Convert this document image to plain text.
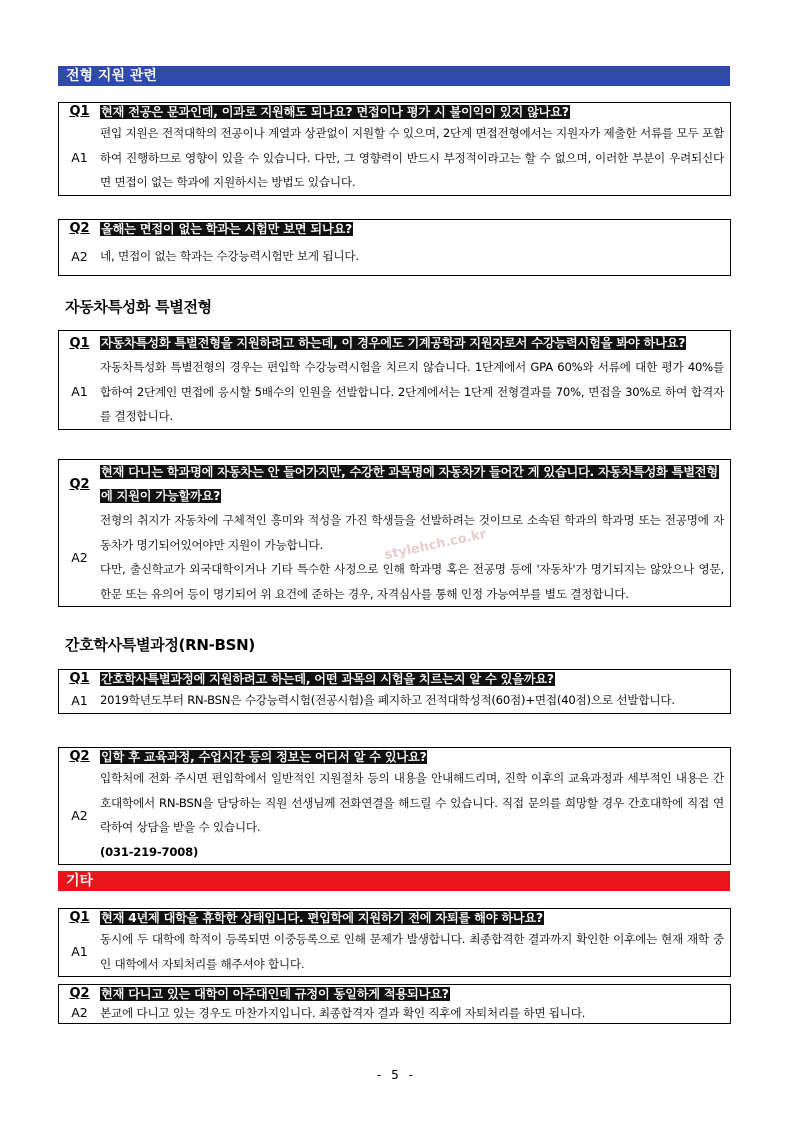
전형 지원 관련
Q1 현재 전공은 문과인데, 이과로 지원해도 되나요? 면접이나 평가 시 불이익이 있지 않나요?
A1
편입 지원은 전적대학의 전공이나 계열과 상관없이 지원할 수 있으며, 2단계 면접전형에서는 지원자가 제출한 서류를 모두 포함하여 진행하므로 영향이 있을 수 있습니다. 다만, 그 영향력이 반드시 부정적이라고는 할 수 없으며, 이러한 부분이 우려되신다면 면접이 없는 학과에 지원하시는 방법도 있습니다.
Q2 올해는 면접이 없는 학과는 시험만 보면 되나요?
A2	네, 면접이 없는 학과는 수강능력시험만 보게 됩니다.
자동차특성화 특별전형
Q1 자동차특성화 특별전형을 지원하려고 하는데, 이 경우에도 기계공학과 지원자로서 수강능력시험을 봐야 하나요?
A1
자동차특성화 특별전형의 경우는 편입학 수강능력시험을 치르지 않습니다. 1단계에서 GPA 60%와 서류에 대한 평가 40%를 합하여 2단계인 면접에 응시할 5배수의 인원을 선발합니다. 2단계에서는 1단계 전형결과를 70%, 면접을 30%로 하여 합격자를 결정합니다.
Q2
현재 다니는 학과명에 자동차는 안 들어가지만, 수강한 과목명에 자동차가 들어간 게 있습니다. 자동차특성화 특별전형에 지원이 가능할까요?
A2
전형의 취지가 자동차에 구체적인 흥미와 적성을 가진 학생들을 선발하려는 것이므로 소속된 학과의 학과명 또는 전공명에 자동차가 명기되어있어야만 지원이 가능합니다.
다만, 출신학교가 외국대학이거나 기타 특수한 사정으로 인해 학과명 혹은 전공명 등에 '자동차'가 명기되지는 않았으나 영문, 한문 또는 유의어 등이 명기되어 위 요건에 준하는 경우, 자격심사를 통해 인정 가능여부를 별도 결정합니다.
간호학사특별과정(RN-BSN)
Q1 간호학사특별과정에 지원하려고 하는데, 어떤 과목의 시험을 치르는지 알 수 있을까요?
A1	2019학년도부터 RN-BSN은 수강능력시험(전공시험)을 폐지하고 전적대학성적(60점)+면접(40점)으로 선발합니다.
Q2 입학 후 교육과정, 수업시간 등의 정보는 어디서 알 수 있나요?
A2
입학처에 전화 주시면 편입학에서 일반적인 지원절차 등의 내용을 안내해드리며, 진학 이후의 교육과정과 세부적인 내용은 간호대학에서 RN-BSN을 담당하는 직원 선생님께 전화연결을 해드릴 수 있습니다. 직접 문의를 희망할 경우 간호대학에 직접 연락하여 상담을 받을 수 있습니다.
(031-219-7008)
기타
Q1 현재 4년제 대학을 휴학한 상태입니다. 편입학에 지원하기 전에 자퇴를 해야 하나요?
A1
동시에 두 대학에 학적이 등록되면 이중등록으로 인해 문제가 발생합니다. 최종합격한 결과까지 확인한 이후에는 현재 재학 중인 대학에서 자퇴처리를 해주셔야 합니다.
Q2 현재 다니고 있는 대학이 아주대인데 규정이 동일하게 적용되나요?
A2	본교에 다니고 있는 경우도 마찬가지입니다. 최종합격자 결과 확인 직후에 자퇴처리를 하면 됩니다.
stylehch.co.kr
- 5 -
